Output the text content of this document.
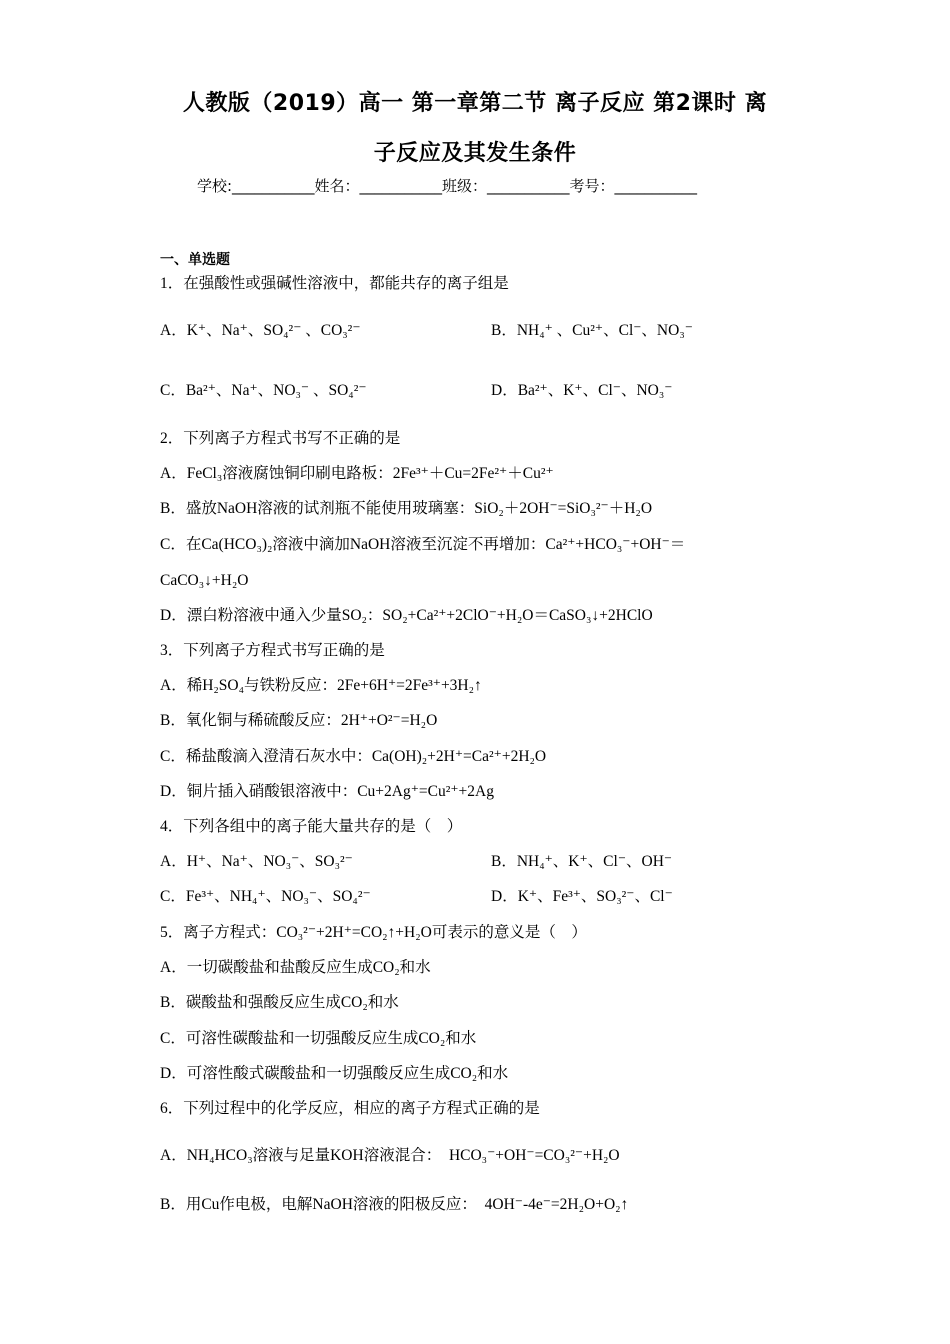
人教版（2019）高一 第一章第二节 离子反应 第2课时 离
子反应及其发生条件
学校:___________姓名：___________班级：___________考号：___________
一、单选题
1．在强酸性或强碱性溶液中，都能共存的离子组是
A．K⁺、Na⁺、SO₄²⁻ 、CO₃²⁻	B．NH₄⁺ 、Cu²⁺、Cl⁻、NO₃⁻
C．Ba²⁺、Na⁺、NO₃⁻ 、SO₄²⁻	D．Ba²⁺、K⁺、Cl⁻、NO₃⁻
2．下列离子方程式书写不正确的是
A．FeCl₃溶液腐蚀铜印刷电路板：2Fe³⁺＋Cu=2Fe²⁺＋Cu²⁺
B．盛放NaOH溶液的试剂瓶不能使用玻璃塞：SiO₂＋2OH⁻=SiO₃²⁻＋H₂O
C．在Ca(HCO₃)₂溶液中滴加NaOH溶液至沉淀不再增加：Ca²⁺+HCO₃⁻+OH⁻＝
CaCO₃↓+H₂O
D．漂白粉溶液中通入少量SO₂：SO₂+Ca²⁺+2ClO⁻+H₂O＝CaSO₃↓+2HClO
3．下列离子方程式书写正确的是
A．稀H₂SO₄与铁粉反应：2Fe+6H⁺=2Fe³⁺+3H₂↑
B．氧化铜与稀硫酸反应：2H⁺+O²⁻=H₂O
C．稀盐酸滴入澄清石灰水中：Ca(OH)₂+2H⁺=Ca²⁺+2H₂O
D．铜片插入硝酸银溶液中：Cu+2Ag⁺=Cu²⁺+2Ag
4．下列各组中的离子能大量共存的是（　）
A．H⁺、Na⁺、NO₃⁻、SO₃²⁻	B．NH₄⁺、K⁺、Cl⁻、OH⁻
C．Fe³⁺、NH₄⁺、NO₃⁻、SO₄²⁻	D．K⁺、Fe³⁺、SO₃²⁻、Cl⁻
5．离子方程式：CO₃²⁻+2H⁺=CO₂↑+H₂O可表示的意义是（　）
A．一切碳酸盐和盐酸反应生成CO₂和水
B．碳酸盐和强酸反应生成CO₂和水
C．可溶性碳酸盐和一切强酸反应生成CO₂和水
D．可溶性酸式碳酸盐和一切强酸反应生成CO₂和水
6．下列过程中的化学反应，相应的离子方程式正确的是
A．NH₄HCO₃溶液与足量KOH溶液混合：　HCO₃⁻+OH⁻=CO₃²⁻+H₂O
B．用Cu作电极，电解NaOH溶液的阳极反应：　4OH⁻-4e⁻=2H₂O+O₂↑
